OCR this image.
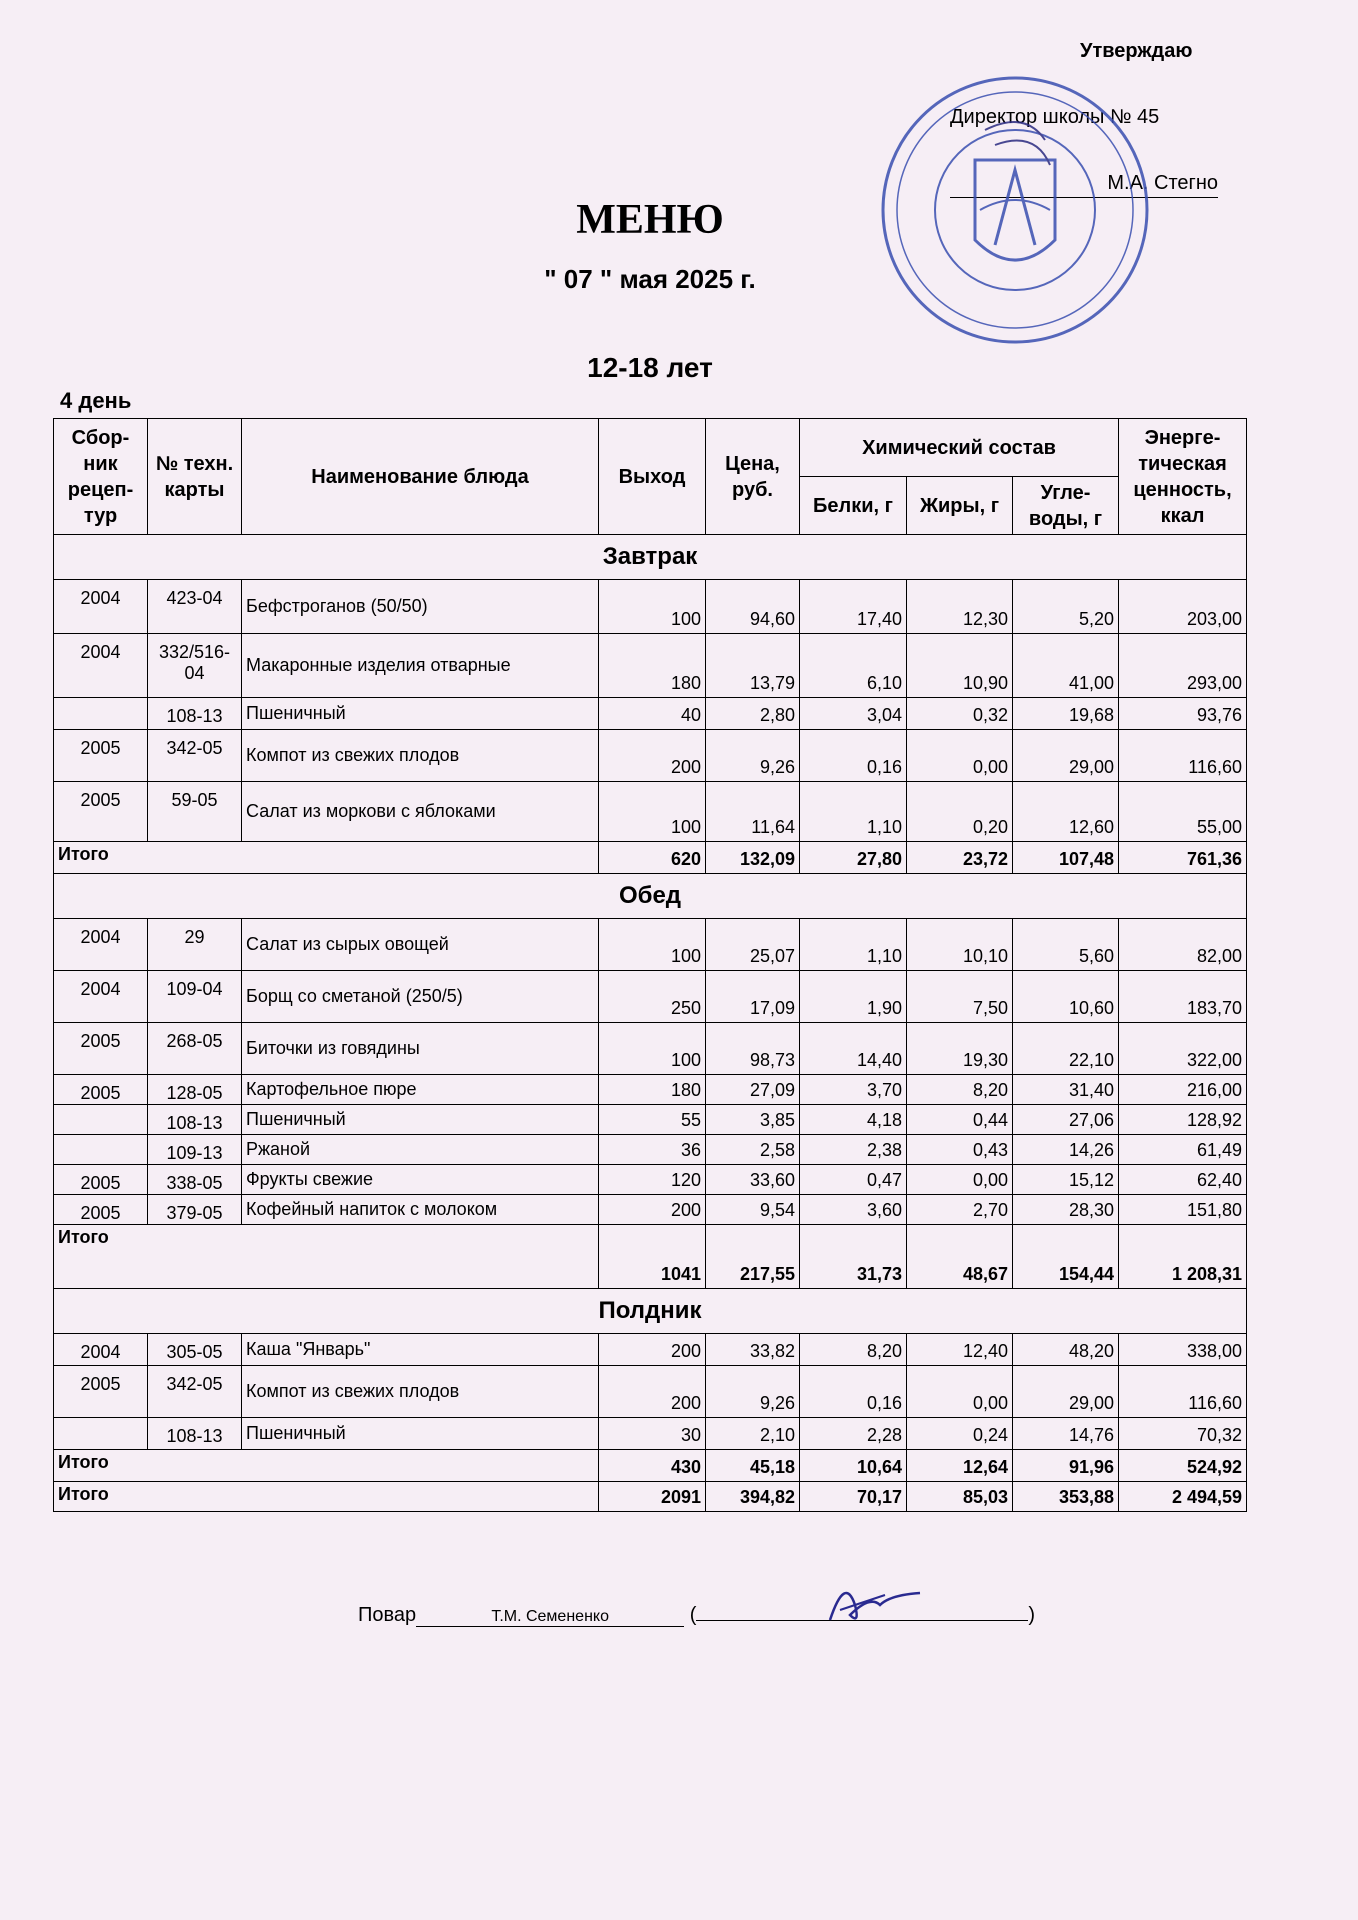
Утверждаю
Директор школы № 45
М.А. Стегно
МЕНЮ
" 07 " мая 2025 г.
12-18 лет
4 день
Сбор-ник рецеп-тур	№ техн. карты	Наименование блюда	Выход	Цена, руб.	Химический состав			Энерге-тическая ценность, ккал
					Белки, г	Жиры, г	Угле-воды, г	
Завтрак								
2004	423-04	Бефстроганов (50/50)	100	94,60	17,40	12,30	5,20	203,00
2004	332/516-04	Макаронные изделия отварные	180	13,79	6,10	10,90	41,00	293,00
	108-13	Пшеничный	40	2,80	3,04	0,32	19,68	93,76
2005	342-05	Компот из свежих плодов	200	9,26	0,16	0,00	29,00	116,60
2005	59-05	Салат из моркови с яблоками	100	11,64	1,10	0,20	12,60	55,00
Итого			620	132,09	27,80	23,72	107,48	761,36
Обед								
2004	29	Салат из сырых овощей	100	25,07	1,10	10,10	5,60	82,00
2004	109-04	Борщ со сметаной (250/5)	250	17,09	1,90	7,50	10,60	183,70
2005	268-05	Биточки из говядины	100	98,73	14,40	19,30	22,10	322,00
2005	128-05	Картофельное пюре	180	27,09	3,70	8,20	31,40	216,00
	108-13	Пшеничный	55	3,85	4,18	0,44	27,06	128,92
	109-13	Ржаной	36	2,58	2,38	0,43	14,26	61,49
2005	338-05	Фрукты свежие	120	33,60	0,47	0,00	15,12	62,40
2005	379-05	Кофейный напиток с молоком	200	9,54	3,60	2,70	28,30	151,80
Итого			1041	217,55	31,73	48,67	154,44	1 208,31
Полдник								
2004	305-05	Каша "Январь"	200	33,82	8,20	12,40	48,20	338,00
2005	342-05	Компот из свежих плодов	200	9,26	0,16	0,00	29,00	116,60
	108-13	Пшеничный	30	2,10	2,28	0,24	14,76	70,32
Итого			430	45,18	10,64	12,64	91,96	524,92
Итого			2091	394,82	70,17	85,03	353,88	2 494,59
Повар	Т.М. Семененко	(	)
